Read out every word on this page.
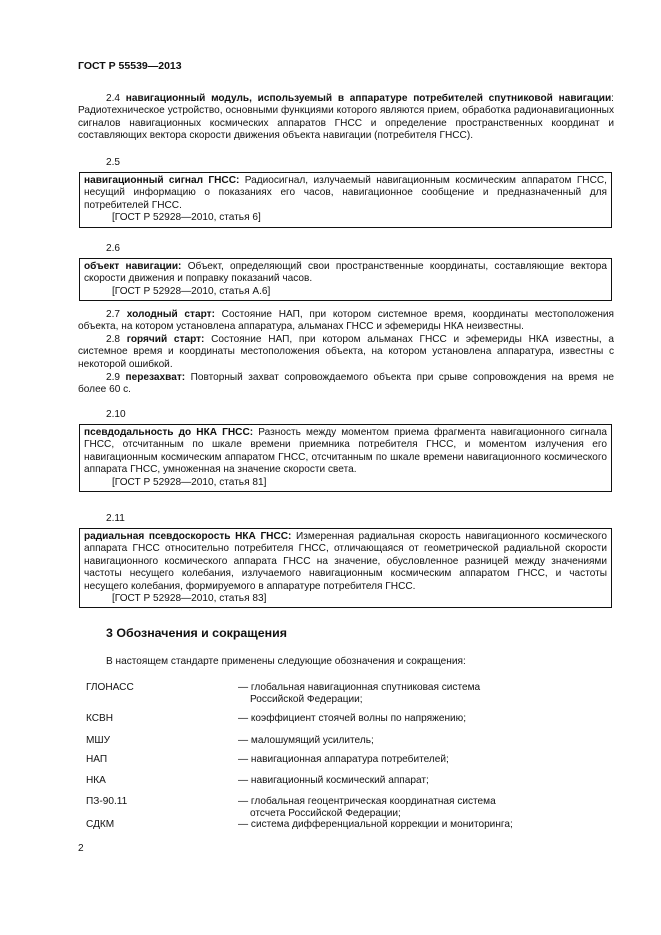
ГОСТ Р 55539—2013
2.4 навигационный модуль, используемый в аппаратуре потребителей спутниковой навигации: Радиотехническое устройство, основными функциями которого являются прием, обработка радионавигационных сигналов навигационных космических аппаратов ГНСС и определение пространственных координат и составляющих вектора скорости движения объекта навигации (потребителя ГНСС).
2.5
навигационный сигнал ГНСС: Радиосигнал, излучаемый навигационным космическим аппаратом ГНСС, несущий информацию о показаниях его часов, навигационное сообщение и предназначенный для потребителей ГНСС.
[ГОСТ Р 52928—2010, статья 6]
2.6
объект навигации: Объект, определяющий свои пространственные координаты, составляющие вектора скорости движения и поправку показаний часов.
[ГОСТ Р 52928—2010, статья А.6]
2.7 холодный старт: Состояние НАП, при котором системное время, координаты местоположения объекта, на котором установлена аппаратура, альманах ГНСС и эфемериды НКА неизвестны.
2.8 горячий старт: Состояние НАП, при котором альманах ГНСС и эфемериды НКА известны, а системное время и координаты местоположения объекта, на котором установлена аппаратура, известны с некоторой ошибкой.
2.9 перезахват: Повторный захват сопровождаемого объекта при срыве сопровождения на время не более 60 с.
2.10
псевдодальность до НКА ГНСС: Разность между моментом приема фрагмента навигационного сигнала ГНСС, отсчитанным по шкале времени приемника потребителя ГНСС, и моментом излучения его навигационным космическим аппаратом ГНСС, отсчитанным по шкале времени навигационного космического аппарата ГНСС, умноженная на значение скорости света.
[ГОСТ Р 52928—2010, статья 81]
2.11
радиальная псевдоскорость НКА ГНСС: Измеренная радиальная скорость навигационного космического аппарата ГНСС относительно потребителя ГНСС, отличающаяся от геометрической радиальной скорости навигационного космического аппарата ГНСС на значение, обусловленное разницей между значениями частоты несущего колебания, излучаемого навигационным космическим аппаратом ГНСС, и частоты несущего колебания, формируемого в аппаратуре потребителя ГНСС.
[ГОСТ Р 52928—2010, статья 83]
3 Обозначения и сокращения
В настоящем стандарте применены следующие обозначения и сокращения:
ГЛОНАСС	— глобальная навигационная спутниковая система
Российской Федерации;
КСВН	— коэффициент стоячей волны по напряжению;
МШУ	— малошумящий усилитель;
НАП	— навигационная аппаратура потребителей;
НКА	— навигационный космический аппарат;
ПЗ-90.11	— глобальная геоцентрическая координатная система
отсчета Российской Федерации;
СДКМ	— система дифференциальной коррекции и мониторинга;
2
